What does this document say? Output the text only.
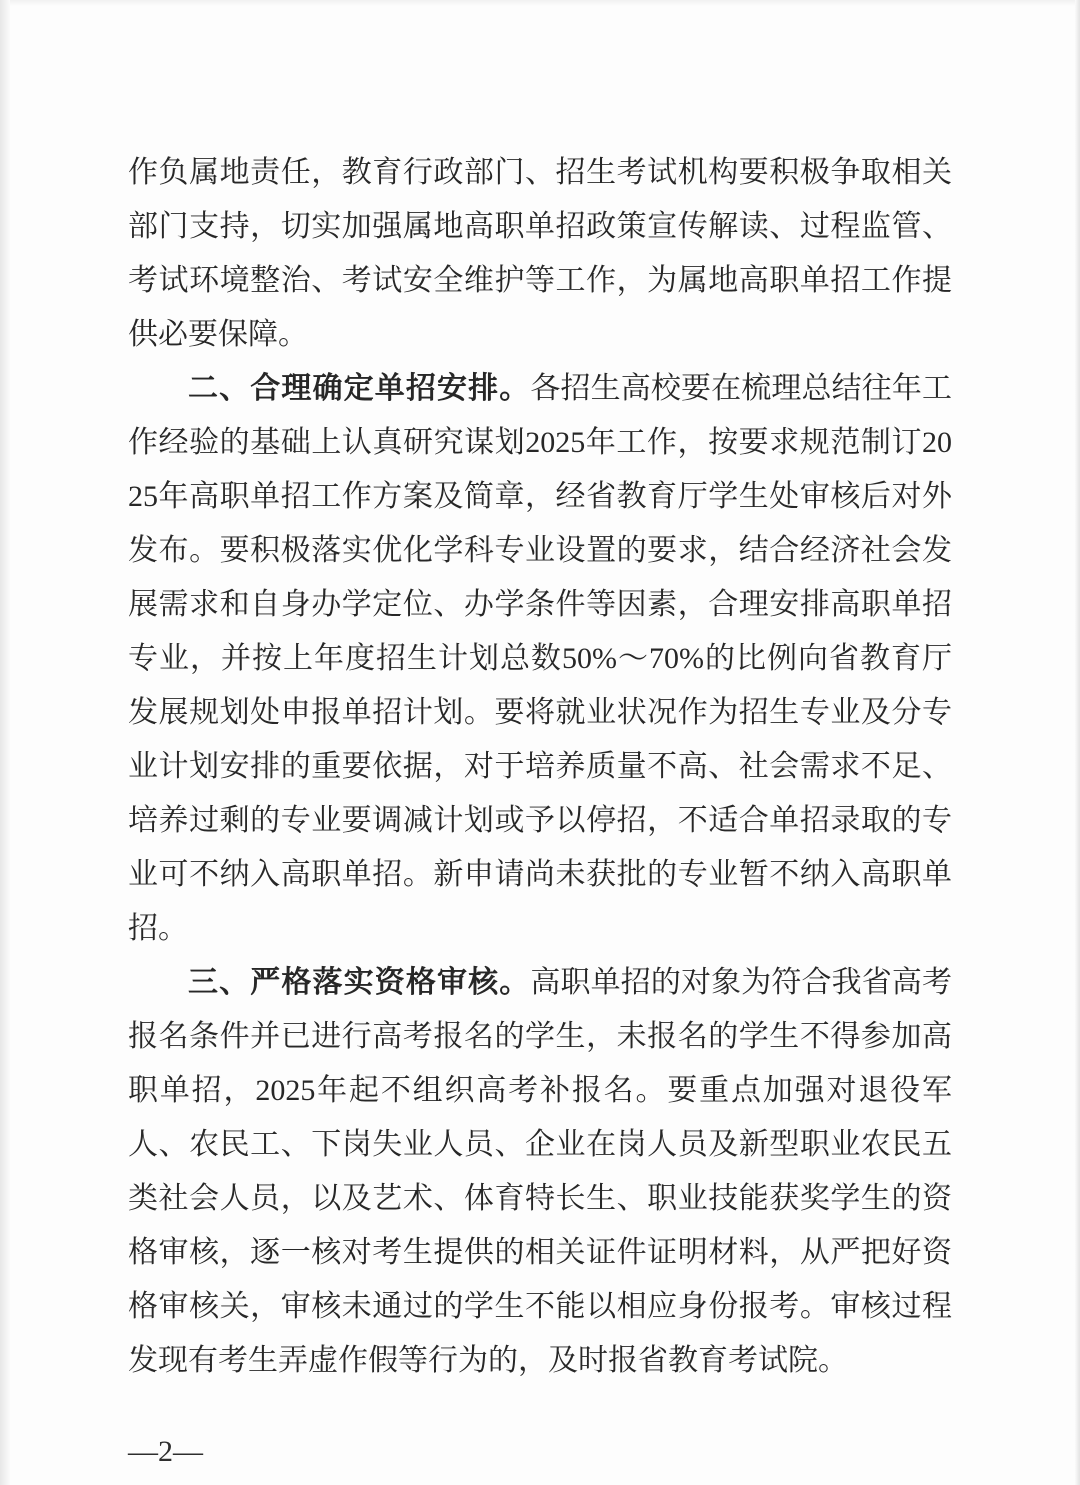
作负属地责任，教育行政部门、招生考试机构要积极争取相关部门支持，切实加强属地高职单招政策宣传解读、过程监管、考试环境整治、考试安全维护等工作，为属地高职单招工作提供必要保障。

二、合理确定单招安排。各招生高校要在梳理总结往年工作经验的基础上认真研究谋划2025年工作，按要求规范制订2025年高职单招工作方案及简章，经省教育厅学生处审核后对外发布。要积极落实优化学科专业设置的要求，结合经济社会发展需求和自身办学定位、办学条件等因素，合理安排高职单招专业，并按上年度招生计划总数50%～70%的比例向省教育厅发展规划处申报单招计划。要将就业状况作为招生专业及分专业计划安排的重要依据，对于培养质量不高、社会需求不足、培养过剩的专业要调减计划或予以停招，不适合单招录取的专业可不纳入高职单招。新申请尚未获批的专业暂不纳入高职单招。

三、严格落实资格审核。高职单招的对象为符合我省高考报名条件并已进行高考报名的学生，未报名的学生不得参加高职单招，2025年起不组织高考补报名。要重点加强对退役军人、农民工、下岗失业人员、企业在岗人员及新型职业农民五类社会人员，以及艺术、体育特长生、职业技能获奖学生的资格审核，逐一核对考生提供的相关证件证明材料，从严把好资格审核关，审核未通过的学生不能以相应身份报考。审核过程发现有考生弄虚作假等行为的，及时报省教育考试院。

—2—
